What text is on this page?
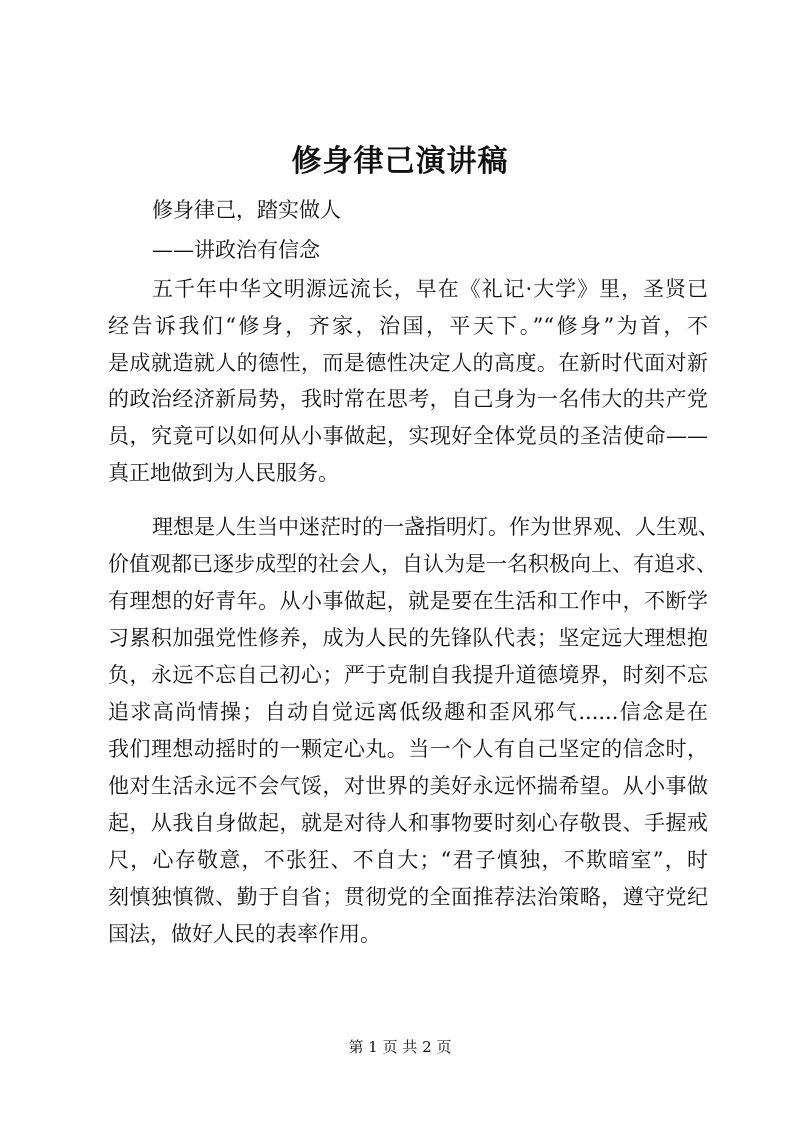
修身律己演讲稿

修身律己，踏实做人

——讲政治有信念

五千年中华文明源远流长，早在《礼记·大学》里，圣贤已

经告诉我们“修身，齐家，治国，平天下。”“修身”为首，不

是成就造就人的德性，而是德性决定人的高度。在新时代面对新

的政治经济新局势，我时常在思考，自己身为一名伟大的共产党

员，究竟可以如何从小事做起，实现好全体党员的圣洁使命——

真正地做到为人民服务。

理想是人生当中迷茫时的一盏指明灯。作为世界观、人生观、

价值观都已逐步成型的社会人，自认为是一名积极向上、有追求、

有理想的好青年。从小事做起，就是要在生活和工作中，不断学

习累积加强党性修养，成为人民的先锋队代表；坚定远大理想抱

负，永远不忘自己初心；严于克制自我提升道德境界，时刻不忘

追求高尚情操；自动自觉远离低级趣和歪风邪气......信念是在

我们理想动摇时的一颗定心丸。当一个人有自己坚定的信念时，

他对生活永远不会气馁，对世界的美好永远怀揣希望。从小事做

起，从我自身做起，就是对待人和事物要时刻心存敬畏、手握戒

尺，心存敬意，不张狂、不自大；“君子慎独，不欺暗室”，时

刻慎独慎微、勤于自省；贯彻党的全面推荐法治策略，遵守党纪

国法，做好人民的表率作用。

第 1 页 共 2 页
